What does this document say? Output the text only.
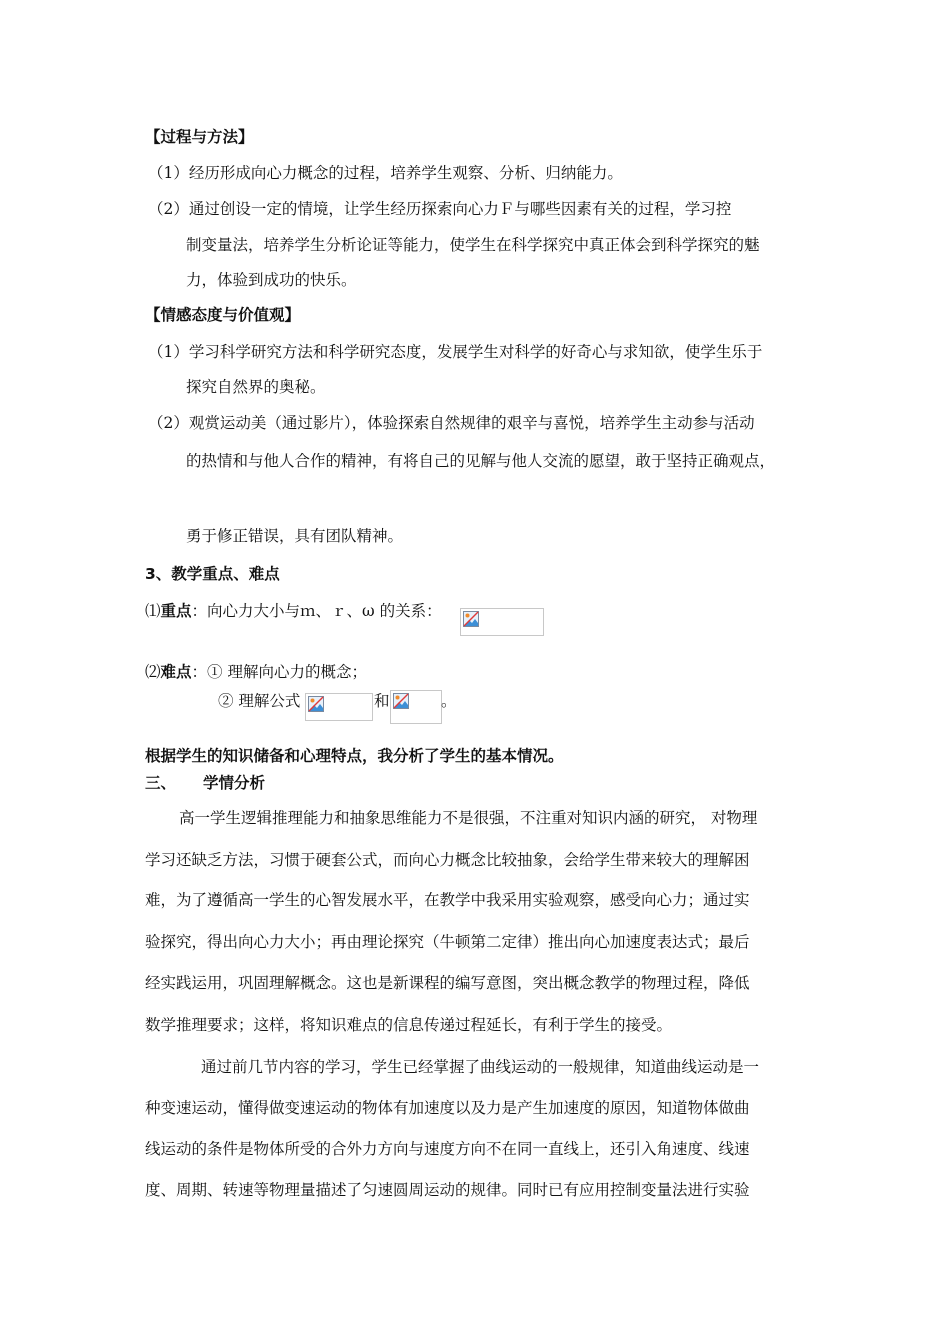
【过程与方法】
（1）经历形成向心力概念的过程，培养学生观察、分析、归纳能力。
（2）通过创设一定的情境，让学生经历探索向心力Ｆ与哪些因素有关的过程，学习控
制变量法，培养学生分析论证等能力，使学生在科学探究中真正体会到科学探究的魅
力，体验到成功的快乐。
【情感态度与价值观】
（1）学习科学研究方法和科学研究态度，发展学生对科学的好奇心与求知欲，使学生乐于
探究自然界的奥秘。
（2）观赏运动美（通过影片），体验探索自然规律的艰辛与喜悦，培养学生主动参与活动
的热情和与他人合作的精神，有将自己的见解与他人交流的愿望，敢于坚持正确观点，
勇于修正错误，具有团队精神。
3、教学重点、难点
⑴重点：向心力大小与ｍ、ｒ、ω 的关系：
⑵难点：① 理解向心力的概念；
② 理解公式	和	。
根据学生的知识储备和心理特点，我分析了学生的基本情况。
三、 学情分析
高一学生逻辑推理能力和抽象思维能力不是很强，不注重对知识内涵的研究， 对物理
学习还缺乏方法，习惯于硬套公式，而向心力概念比较抽象，会给学生带来较大的理解困
难，为了遵循高一学生的心智发展水平，在教学中我采用实验观察，感受向心力；通过实
验探究，得出向心力大小；再由理论探究（牛顿第二定律）推出向心加速度表达式；最后
经实践运用，巩固理解概念。这也是新课程的编写意图，突出概念教学的物理过程，降低
数学推理要求；这样，将知识难点的信息传递过程延长，有利于学生的接受。
通过前几节内容的学习，学生已经掌握了曲线运动的一般规律，知道曲线运动是一
种变速运动，懂得做变速运动的物体有加速度以及力是产生加速度的原因，知道物体做曲
线运动的条件是物体所受的合外力方向与速度方向不在同一直线上，还引入角速度、线速
度、周期、转速等物理量描述了匀速圆周运动的规律。同时已有应用控制变量法进行实验
